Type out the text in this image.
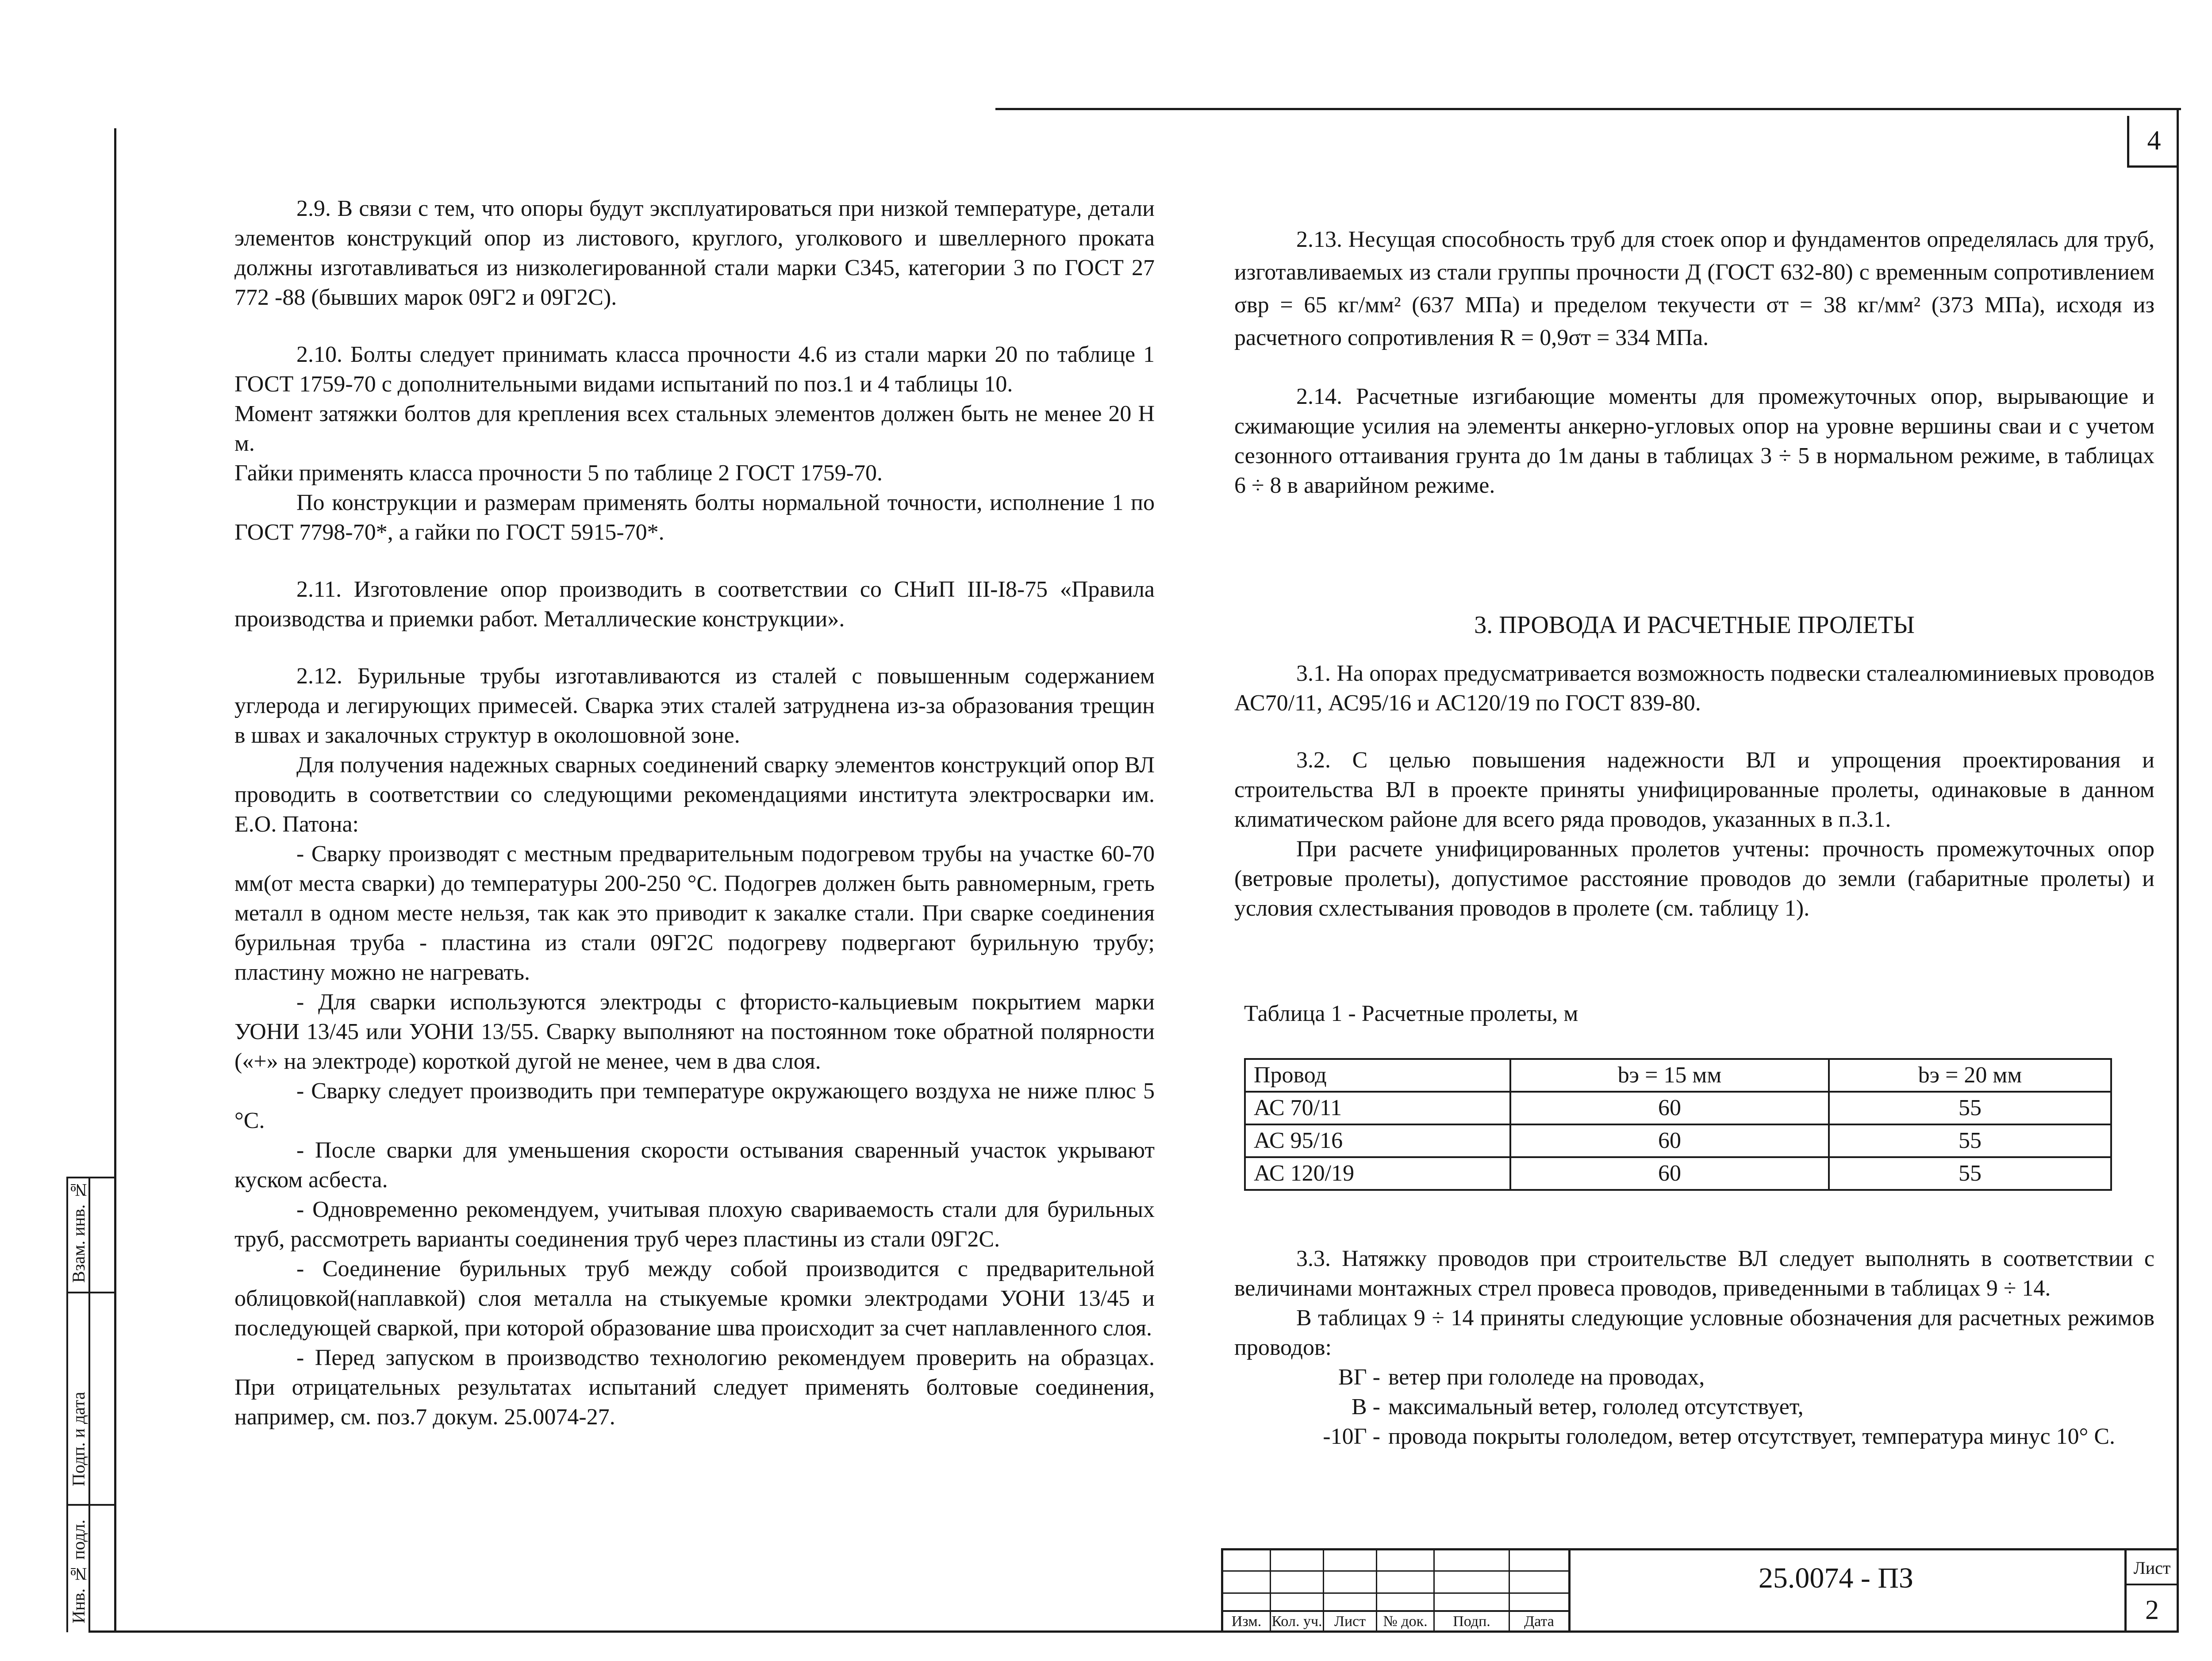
4

2.9. В связи с тем, что опоры будут эксплуатироваться при низкой температуре, детали элементов конструкций опор из листового, круглого, уголкового и швеллерного проката должны изготавливаться из низколегированной стали марки С345, категории 3 по ГОСТ 27 772 -88 (бывших марок 09Г2 и 09Г2С).

2.10. Болты следует принимать класса прочности 4.6 из стали марки 20 по таблице 1 ГОСТ 1759-70 с дополнительными видами испытаний по поз.1 и 4 таблицы 10.

Момент затяжки болтов для крепления всех стальных элементов должен быть не менее 20 Н м.

Гайки применять класса прочности 5 по таблице 2 ГОСТ 1759-70.

По конструкции и размерам применять болты нормальной точности, исполнение 1 по ГОСТ 7798-70*, а гайки по ГОСТ 5915-70*.

2.11. Изготовление опор производить в соответствии со СНиП III-I8-75 «Правила производства и приемки работ. Металлические конструкции».

2.12. Бурильные трубы изготавливаются из сталей с повышенным содержанием углерода и легирующих примесей. Сварка этих сталей затруднена из-за образования трещин в швах и закалочных структур в околошовной зоне.

Для получения надежных сварных соединений сварку элементов конструкций опор ВЛ проводить в соответствии со следующими рекомендациями института электросварки им. Е.О. Патона:

- Сварку производят с местным предварительным подогревом трубы на участке 60-70 мм(от места сварки) до температуры 200-250 °С. Подогрев должен быть равномерным, греть металл в одном месте нельзя, так как это приводит к закалке стали. При сварке соединения бурильная труба - пластина из стали 09Г2С подогреву подвергают бурильную трубу; пластину можно не нагревать.

- Для сварки используются электроды с фтористо-кальциевым покрытием марки УОНИ 13/45 или УОНИ 13/55. Сварку выполняют на постоянном токе обратной полярности («+» на электроде) короткой дугой не менее, чем в два слоя.

- Сварку следует производить при температуре окружающего воздуха не ниже плюс 5 °С.

- После сварки для уменьшения скорости остывания сваренный участок укрывают куском асбеста.

- Одновременно рекомендуем, учитывая плохую свариваемость стали для бурильных труб, рассмотреть варианты соединения труб через пластины из стали 09Г2С.

- Соединение бурильных труб между собой производится с предварительной облицовкой(наплавкой) слоя металла на стыкуемые кромки электродами УОНИ 13/45 и последующей сваркой, при которой образование шва происходит за счет наплавленного слоя.

- Перед запуском в производство технологию рекомендуем проверить на образцах. При отрицательных результатах испытаний следует применять болтовые соединения, например, см. поз.7 докум. 25.0074-27.

2.13. Несущая способность труб для стоек опор и фундаментов определялась для труб, изготавливаемых из стали группы прочности Д (ГОСТ 632-80) с временным сопротивлением σвр = 65 кг/мм² (637 МПа) и пределом текучести σт = 38 кг/мм² (373 МПа), исходя из расчетного сопротивления R = 0,9σт = 334 МПа.

2.14. Расчетные изгибающие моменты для промежуточных опор, вырывающие и сжимающие усилия на элементы анкерно-угловых опор на уровне вершины сваи и с учетом сезонного оттаивания грунта до 1м даны в таблицах 3 ÷ 5 в нормальном режиме, в таблицах 6 ÷ 8 в аварийном режиме.

3. ПРОВОДА И РАСЧЕТНЫЕ ПРОЛЕТЫ

3.1. На опорах предусматривается возможность подвески сталеалюминиевых проводов АС70/11, АС95/16 и АС120/19 по ГОСТ 839-80.

3.2. С целью повышения надежности ВЛ и упрощения проектирования и строительства ВЛ в проекте приняты унифицированные пролеты, одинаковые в данном климатическом районе для всего ряда проводов, указанных в п.3.1.

При расчете унифицированных пролетов учтены: прочность промежуточных опор (ветровые пролеты), допустимое расстояние проводов до земли (габаритные пролеты) и условия схлестывания проводов в пролете (см. таблицу 1).

Таблица 1 - Расчетные пролеты, м
Провод	bэ = 15 мм	bэ = 20 мм
АС 70/11	60	55
АС 95/16	60	55
АС 120/19	60	55

3.3. Натяжку проводов при строительстве ВЛ следует выполнять в соответствии с величинами монтажных стрел провеса проводов, приведенными в таблицах 9 ÷ 14.

В таблицах 9 ÷ 14 приняты следующие условные обозначения для расчетных режимов проводов:

ВГ - ветер при гололеде на проводах,
В - максимальный ветер, гололед отсутствует,
-10Г - провода покрыты гололедом, ветер отсутствует, температура минус 10° С.
Взам. инв. №
Подп. и дата
Инв. № подл.	Изм. Кол. уч. Лист	№ док.	Подп.	Дата
25.0074 - ПЗ	Лист
2
